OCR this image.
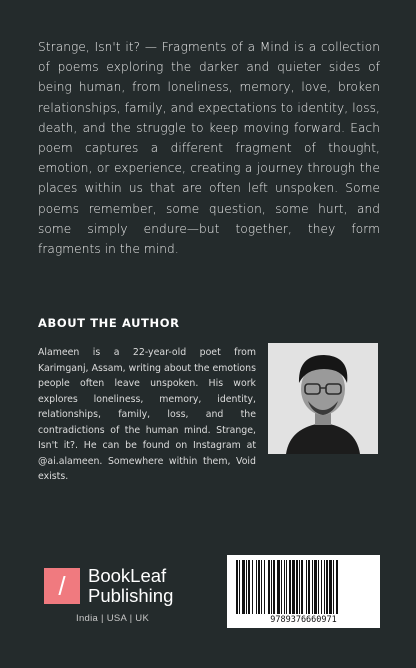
Strange, Isn't it? — Fragments of a Mind is a collection of poems exploring the darker and quieter sides of being human, from loneliness, memory, love, broken relationships, family, and expectations to identity, loss, death, and the struggle to keep moving forward. Each poem captures a different fragment of thought, emotion, or experience, creating a journey through the places within us that are often left unspoken. Some poems remember, some question, some hurt, and some simply endure—but together, they form fragments in the mind.

ABOUT THE AUTHOR

Alameen is a 22-year-old poet from Karimganj, Assam, writing about the emotions people often leave unspoken. His work explores loneliness, memory, identity, relationships, family, loss, and the contradictions of the human mind. Strange, Isn't it?. He can be found on Instagram at @ai.alameen. Somewhere within them, Void exists.

/	BookLeaf
Publishing
India | USA | UK	9789376660971
